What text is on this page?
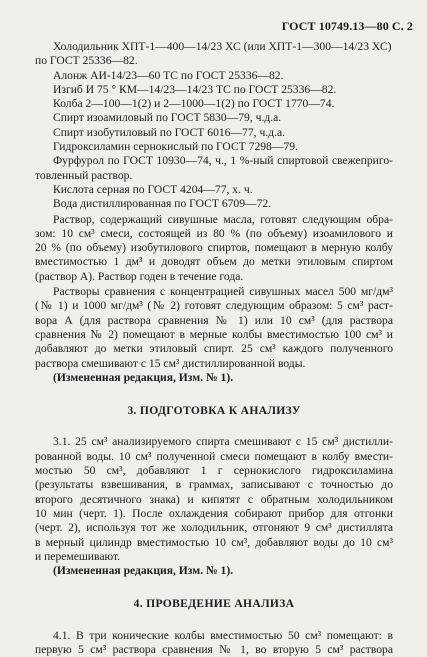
ГОСТ 10749.13—80 С. 2
Холодильник ХПТ-1—400—14/23 ХС (или ХПТ-1—300—14/23 ХС)
по ГОСТ 25336—82.
Алонж АИ-14/23—60 ТС по ГОСТ 25336—82.
Изгиб И 75 ° КМ—14/23—14/23 ТС по ГОСТ 25336—82.
Колба 2—100—1(2) и 2—1000—1(2) по ГОСТ 1770—74.
Спирт изоамиловый по ГОСТ 5830—79, ч.д.а.
Спирт изобутиловый по ГОСТ 6016—77, ч.д.а.
Гидроксиламин сернокислый по ГОСТ 7298—79.
Фурфурол по ГОСТ 10930—74, ч., 1 %-ный спиртовой свежеприго-
товленный раствор.
Кислота серная по ГОСТ 4204—77, х. ч.
Вода дистиллированная по ГОСТ 6709—72.
Раствор, содержащий сивушные масла, готовят следующим обра-
зом: 10 см³ смеси, состоящей из 80 % (по объему) изоамилового и
20 % (по объему) изобутилового спиртов, помещают в мерную колбу
вместимостью 1 дм³ и доводят объем до метки этиловым спиртом
(раствор А). Раствор годен в течение года.
Растворы сравнения с концентрацией сивушных масел 500 мг/дм³
(№ 1) и 1000 мг/дм³ (№ 2) готовят следующим образом: 5 см³ раст-
вора А (для раствора сравнения № 1) или 10 см³ (для раствора
сравнения № 2) помещают в мерные колбы вместимостью 100 см³ и
добавляют до метки этиловый спирт. 25 см³ каждого полученного
раствора смешивают с 15 см³ дистиллированной воды.
(Измененная редакция, Изм. № 1).
3. ПОДГОТОВКА К АНАЛИЗУ
3.1. 25 см³ анализируемого спирта смешивают с 15 см³ дистилли-
рованной воды. 10 см³ полученной смеси помещают в колбу вмести-
мостью 50 см³, добавляют 1 г сернокислого гидроксиламина
(результаты взвешивания, в граммах, записывают с точностью до
второго десятичного знака) и кипятят с обратным холодильником
10 мин (черт. 1). После охлаждения собирают прибор для отгонки
(черт. 2), используя тот же холодильник, отгоняют 9 см³ дистиллята
в мерный цилиндр вместимостью 10 см³, добавляют воды до 10 см³
и перемешивают.
(Измененная редакция, Изм. № 1).
4. ПРОВЕДЕНИЕ АНАЛИЗА
4.1. В три конические колбы вместимостью 50 см³ помещают: в
первую 5 см³ раствора сравнения № 1, во вторую 5 см³ раствора
